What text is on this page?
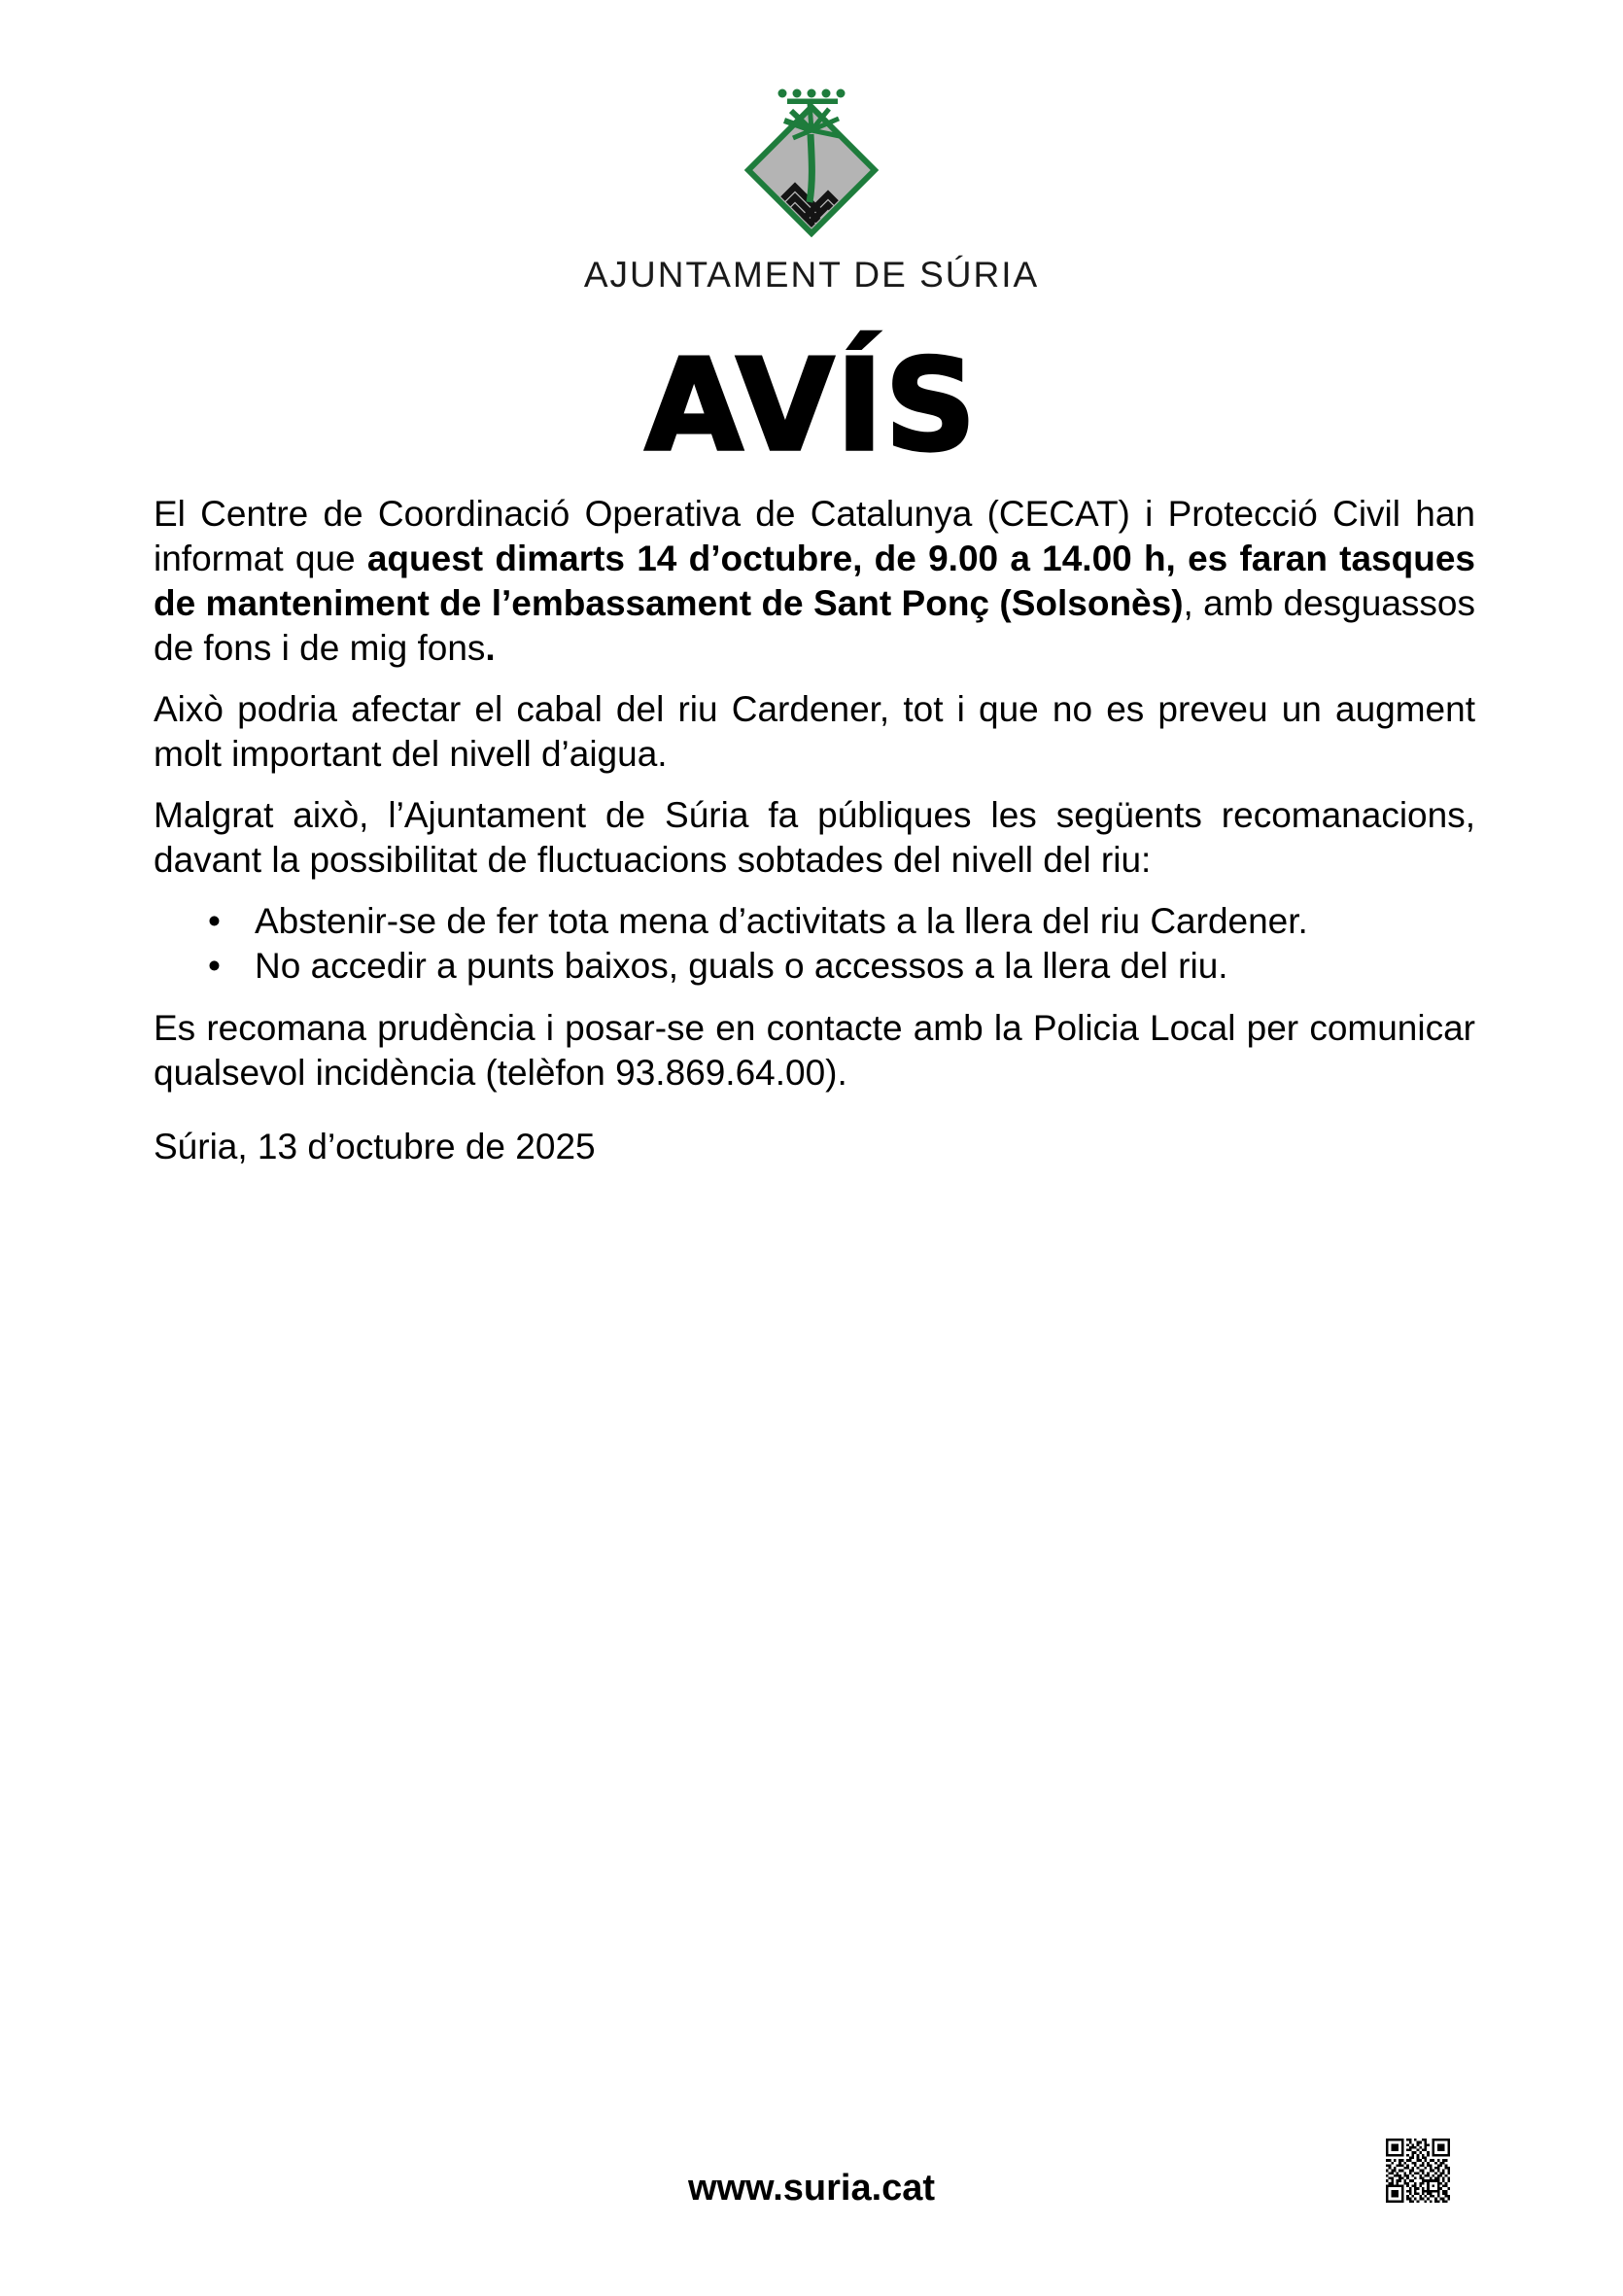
AJUNTAMENT DE SÚRIA
AVÍS

El Centre de Coordinació Operativa de Catalunya (CECAT) i Protecció Civil han informat que aquest dimarts 14 d’octubre, de 9.00 a 14.00 h, es faran tasques de manteniment de l’embassament de Sant Ponç (Solsonès), amb desguassos de fons i de mig fons.

Això podria afectar el cabal del riu Cardener, tot i que no es preveu un augment molt important del nivell d’aigua.

Malgrat això, l’Ajuntament de Súria fa públiques les següents recomanacions, davant la possibilitat de fluctuacions sobtades del nivell del riu:

• Abstenir-se de fer tota mena d’activitats a la llera del riu Cardener.
• No accedir a punts baixos, guals o accessos a la llera del riu.

Es recomana prudència i posar-se en contacte amb la Policia Local per comunicar qualsevol incidència (telèfon 93.869.64.00).

Súria, 13 d’octubre de 2025

www.suria.cat
